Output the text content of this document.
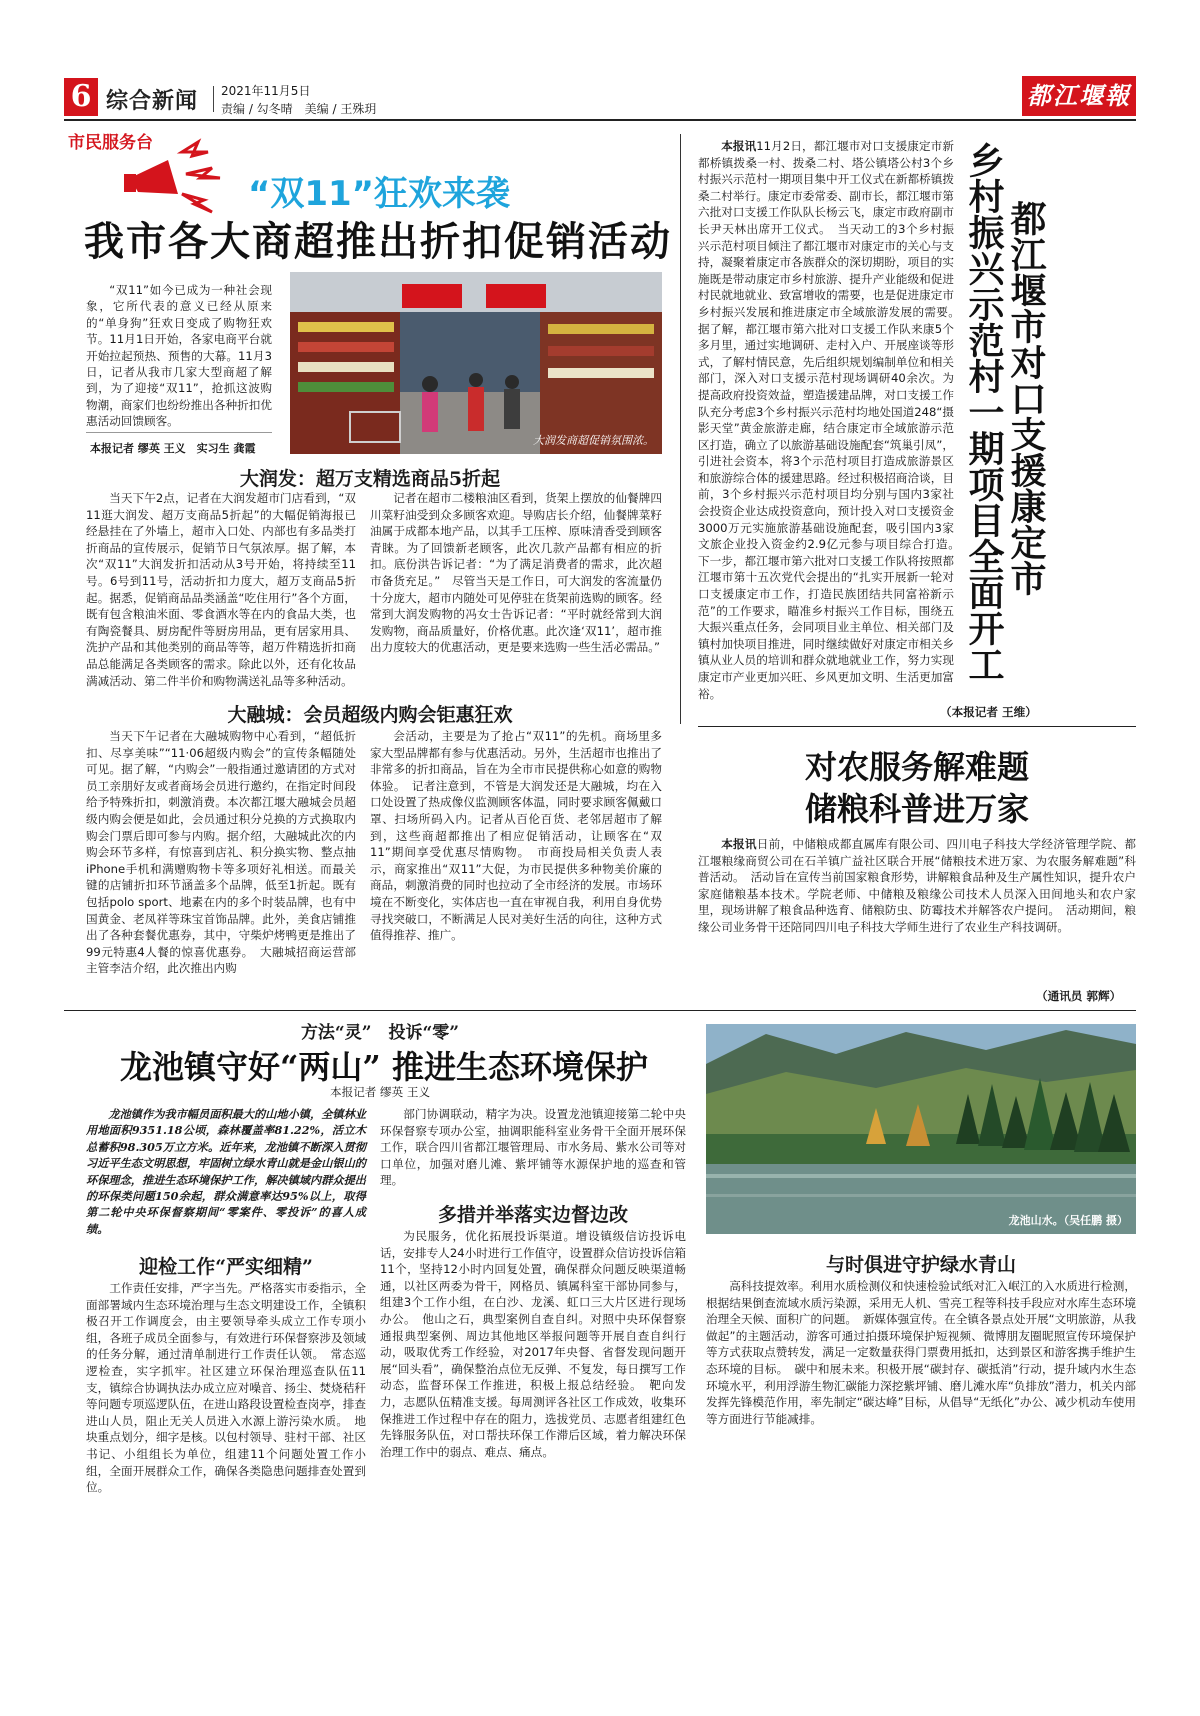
6 综合新闻 2021年11月5日
责编 / 勾冬晴　美编 / 王殊玥	都江堰報
市民服务台
“双11”狂欢来袭
我市各大商超推出折扣促销活动
“双11”如今已成为一种社会现象，它所代表的意义已经从原来的“单身狗”狂欢日变成了购物狂欢节。11月1日开始，各家电商平台就开始拉起预热、预售的大幕。11月3日，记者从我市几家大型商超了解到，为了迎接“双11”，抢抓这波购物潮，商家们也纷纷推出各种折扣优惠活动回馈顾客。
本报记者 缪英 王义　实习生 龚霞
大润发商超促销氛围浓。
大润发：超万支精选商品5折起
当天下午2点，记者在大润发超市门店看到，“双11逛大润发、超万支商品5折起”的大幅促销海报已经悬挂在了外墙上，超市入口处、内部也有多品类打折商品的宣传展示，促销节日气氛浓厚。据了解，本次“双11”大润发折扣活动从3号开始，将持续至11号。6号到11号，活动折扣力度大，超万支商品5折起。据悉，促销商品品类涵盖“吃住用行”各个方面，既有包含粮油米面、零食酒水等在内的食品大类，也有陶瓷餐具、厨房配件等厨房用品，更有居家用具、洗护产品和其他类别的商品等等，超万件精选折扣商品总能满足各类顾客的需求。除此以外，还有化妆品满减活动、第二件半价和购物满送礼品等多种活动。
记者在超市二楼粮油区看到，货架上摆放的仙餐牌四川菜籽油受到众多顾客欢迎。导购店长介绍，仙餐牌菜籽油属于成都本地产品，以其手工压榨、原味清香受到顾客青睐。为了回馈新老顾客，此次几款产品都有相应的折扣。底份洪告诉记者：“为了满足消费者的需求，此次超市备货充足。”　尽管当天是工作日，可大润发的客流量仍十分庞大，超市内随处可见停驻在货架前选购的顾客。经常到大润发购物的冯女士告诉记者：“平时就经常到大润发购物，商品质量好，价格优惠。此次逢‘双11’，超市推出力度较大的优惠活动，更是要来选购一些生活必需品。”
大融城：会员超级内购会钜惠狂欢
当天下午记者在大融城购物中心看到，“超低折扣、尽享美味”“11·06超级内购会”的宣传条幅随处可见。据了解，“内购会”一般指通过邀请团的方式对员工亲朋好友或者商场会员进行邀约，在指定时间段给予特殊折扣，刺激消费。本次都江堰大融城会员超级内购会便是如此，会员通过积分兑换的方式换取内购会门票后即可参与内购。据介绍，大融城此次的内购会环节多样，有惊喜到店礼、积分换实物、整点抽iPhone手机和满赠购物卡等多项好礼相送。而最关键的店铺折扣环节涵盖多个品牌，低至1折起。既有包括polo sport、地素在内的多个时装品牌，也有中国黄金、老凤祥等珠宝首饰品牌。此外，美食店铺推出了各种套餐优惠券，其中，守柴炉烤鸭更是推出了99元特惠4人餐的惊喜优惠券。　大融城招商运营部主管李洁介绍，此次推出内购
会活动，主要是为了抢占“双11”的先机。商场里多家大型品牌都有参与优惠活动。另外，生活超市也推出了非常多的折扣商品，旨在为全市市民提供称心如意的购物体验。　记者注意到，不管是大润发还是大融城，均在入口处设置了热成像仪监测顾客体温，同时要求顾客佩戴口罩、扫场所码入内。记者从百伦百货、老邻居超市了解到，这些商超都推出了相应促销活动，让顾客在“双11”期间享受优惠尽情购物。　市商投局相关负责人表示，商家推出“双11”大促，为市民提供多种物美价廉的商品，刺激消费的同时也拉动了全市经济的发展。市场环境在不断变化，实体店也一直在审视自我，利用自身优势寻找突破口，不断满足人民对美好生活的向往，这种方式值得推荐、推广。
本报讯11月2日，都江堰市对口支援康定市新都桥镇拨桑一村、拨桑二村、塔公镇塔公村3个乡村振兴示范村一期项目集中开工仪式在新都桥镇拨桑二村举行。康定市委常委、副市长，都江堰市第六批对口支援工作队队长杨云飞，康定市政府副市长尹天林出席开工仪式。　当天动工的3个乡村振兴示范村项目倾注了都江堰市对康定市的关心与支持，凝聚着康定市各族群众的深切期盼，项目的实施既是带动康定市乡村旅游、提升产业能级和促进村民就地就业、致富增收的需要，也是促进康定市乡村振兴发展和推进康定市全域旅游发展的需要。　据了解，都江堰市第六批对口支援工作队来康5个多月里，通过实地调研、走村入户、开展座谈等形式，了解村情民意，先后组织规划编制单位和相关部门，深入对口支援示范村现场调研40余次。为提高政府投资效益，塑造援建品牌，对口支援工作队充分考虑3个乡村振兴示范村均地处国道248“摄影天堂”黄金旅游走廊，结合康定市全域旅游示范区打造，确立了以旅游基础设施配套“筑巢引凤”，引进社会资本，将3个示范村项目打造成旅游景区和旅游综合体的援建思路。经过积极招商洽谈，目前，3个乡村振兴示范村项目均分别与国内3家社会投资企业达成投资意向，预计投入对口支援资金3000万元实施旅游基础设施配套，吸引国内3家文旅企业投入资金约2.9亿元参与项目综合打造。　下一步，都江堰市第六批对口支援工作队将按照都江堰市第十五次党代会提出的“扎实开展新一轮对口支援康定市工作，打造民族团结共同富裕新示范”的工作要求，瞄准乡村振兴工作目标，围绕五大振兴重点任务，会同项目业主单位、相关部门及镇村加快项目推进，同时继续做好对康定市相关乡镇从业人员的培训和群众就地就业工作，努力实现康定市产业更加兴旺、乡风更加文明、生活更加富裕。
（本报记者 王维）
都江堰市对口支援康定市
乡村振兴示范村一期项目全面开工
对农服务解难题
储粮科普进万家
本报讯日前，中储粮成都直属库有限公司、四川电子科技大学经济管理学院、都江堰粮缘商贸公司在石羊镇广益社区联合开展“储粮技术进万家、为农服务解难题”科普活动。　活动旨在宣传当前国家粮食形势，讲解粮食品种及生产属性知识，提升农户家庭储粮基本技术。学院老师、中储粮及粮缘公司技术人员深入田间地头和农户家里，现场讲解了粮食品种选育、储粮防虫、防霉技术并解答农户提问。　活动期间，粮缘公司业务骨干还陪同四川电子科技大学师生进行了农业生产科技调研。
（通讯员 郭辉）
方法“灵”　投诉“零”
龙池镇守好“两山” 推进生态环境保护
本报记者 缪英 王义
龙池镇作为我市幅员面积最大的山地小镇，全镇林业用地面积9351.18公顷，森林覆盖率81.22%，活立木总蓄积98.305万立方米。近年来，龙池镇不断深入贯彻习近平生态文明思想，牢固树立绿水青山就是金山银山的环保理念，推进生态环境保护工作，解决镇域内群众提出的环保类问题150余起，群众满意率达95%以上，取得第二轮中央环保督察期间“零案件、零投诉”的喜人成绩。
迎检工作“严实细精”
工作责任安排，严字当先。严格落实市委指示，全面部署域内生态环境治理与生态文明建设工作，全镇积极召开工作调度会，由主要领导牵头成立工作专项小组，各班子成员全面参与，有效进行环保督察涉及领域的任务分解，通过清单制进行工作责任认领。　常态巡逻检查，实字抓牢。社区建立环保治理巡查队伍11支，镇综合协调执法办成立应对噪音、扬尘、焚烧秸秆等问题专项巡逻队伍，在进山路段设置检查岗亭，排查进山人员，阻止无关人员进入水源上游污染水质。　地块重点划分，细字是核。以包村领导、驻村干部、社区书记、小组组长为单位，组建11个问题处置工作小组，全面开展群众工作，确保各类隐患问题排查处置到位。
部门协调联动，精字为决。设置龙池镇迎接第二轮中央环保督察专项办公室，抽调职能科室业务骨干全面开展环保工作，联合四川省都江堰管理局、市水务局、紫水公司等对口单位，加强对磨儿滩、紫坪铺等水源保护地的巡查和管理。
多措并举落实边督边改
为民服务，优化拓展投诉渠道。增设镇级信访投诉电话，安排专人24小时进行工作值守，设置群众信访投诉信箱11个，坚持12小时内回复处置，确保群众问题反映渠道畅通，以社区两委为骨干，网格员、镇属科室干部协同参与，组建3个工作小组，在白沙、龙溪、虹口三大片区进行现场办公。　他山之石，典型案例自查自纠。对照中央环保督察通报典型案例、周边其他地区举报问题等开展自查自纠行动，吸取优秀工作经验，对2017年央督、省督发现问题开展“回头看”，确保整治点位无反弹、不复发，每日撰写工作动态，监督环保工作推进，积极上报总结经验。　靶向发力，志愿队伍精准支援。每周测评各社区工作成效，收集环保推进工作过程中存在的阻力，选拔党员、志愿者组建红色先锋服务队伍，对口帮扶环保工作滞后区域，着力解决环保治理工作中的弱点、难点、痛点。
龙池山水。（吴任鹏 摄）
与时俱进守护绿水青山
高科技提效率。利用水质检测仪和快速检验试纸对汇入岷江的入水质进行检测，根据结果倒查流域水质污染源，采用无人机、雪亮工程等科技手段应对水库生态环境治理全天候、面积广的问题。　新媒体强宣传。在全镇各景点处开展“文明旅游，从我做起”的主题活动，游客可通过拍摄环境保护短视频、微博朋友圈昵照宣传环境保护等方式获取点赞转发，满足一定数量获得门票费用抵扣，达到景区和游客携手维护生态环境的目标。　碳中和展未来。积极开展“碳封存、碳抵消”行动，提升域内水生态环境水平，利用浮游生物汇碳能力深挖紫坪铺、磨儿滩水库“负排放”潜力，机关内部发挥先锋模范作用，率先制定“碳达峰”目标，从倡导“无纸化”办公、减少机动车使用等方面进行节能减排。
